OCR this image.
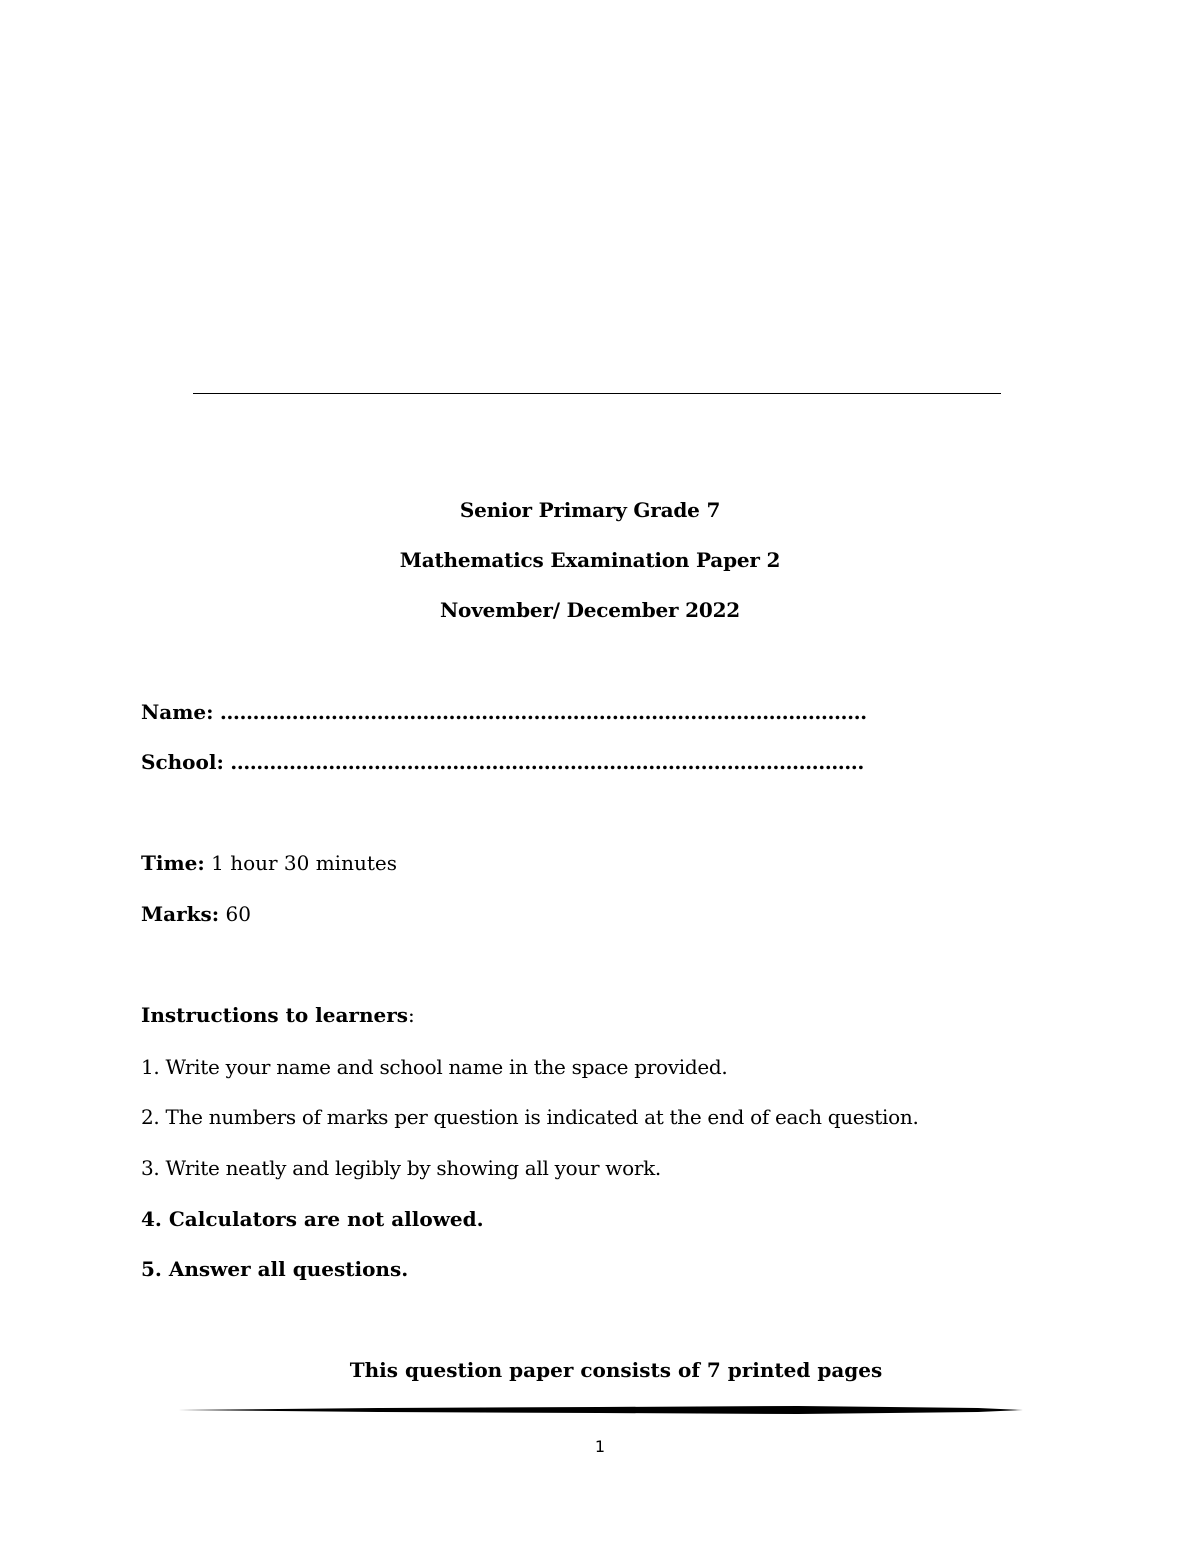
Senior Primary Grade 7
Mathematics Examination Paper 2
November/ December 2022
Name: ………………………………………………………………………………………
School: …………………………………………………………………………………….
Time: 1 hour 30 minutes
Marks: 60
Instructions to learners:
1. Write your name and school name in the space provided.
2. The numbers of marks per question is indicated at the end of each question.
3. Write neatly and legibly by showing all your work.
4. Calculators are not allowed.
5. Answer all questions.
This question paper consists of 7 printed pages
1
